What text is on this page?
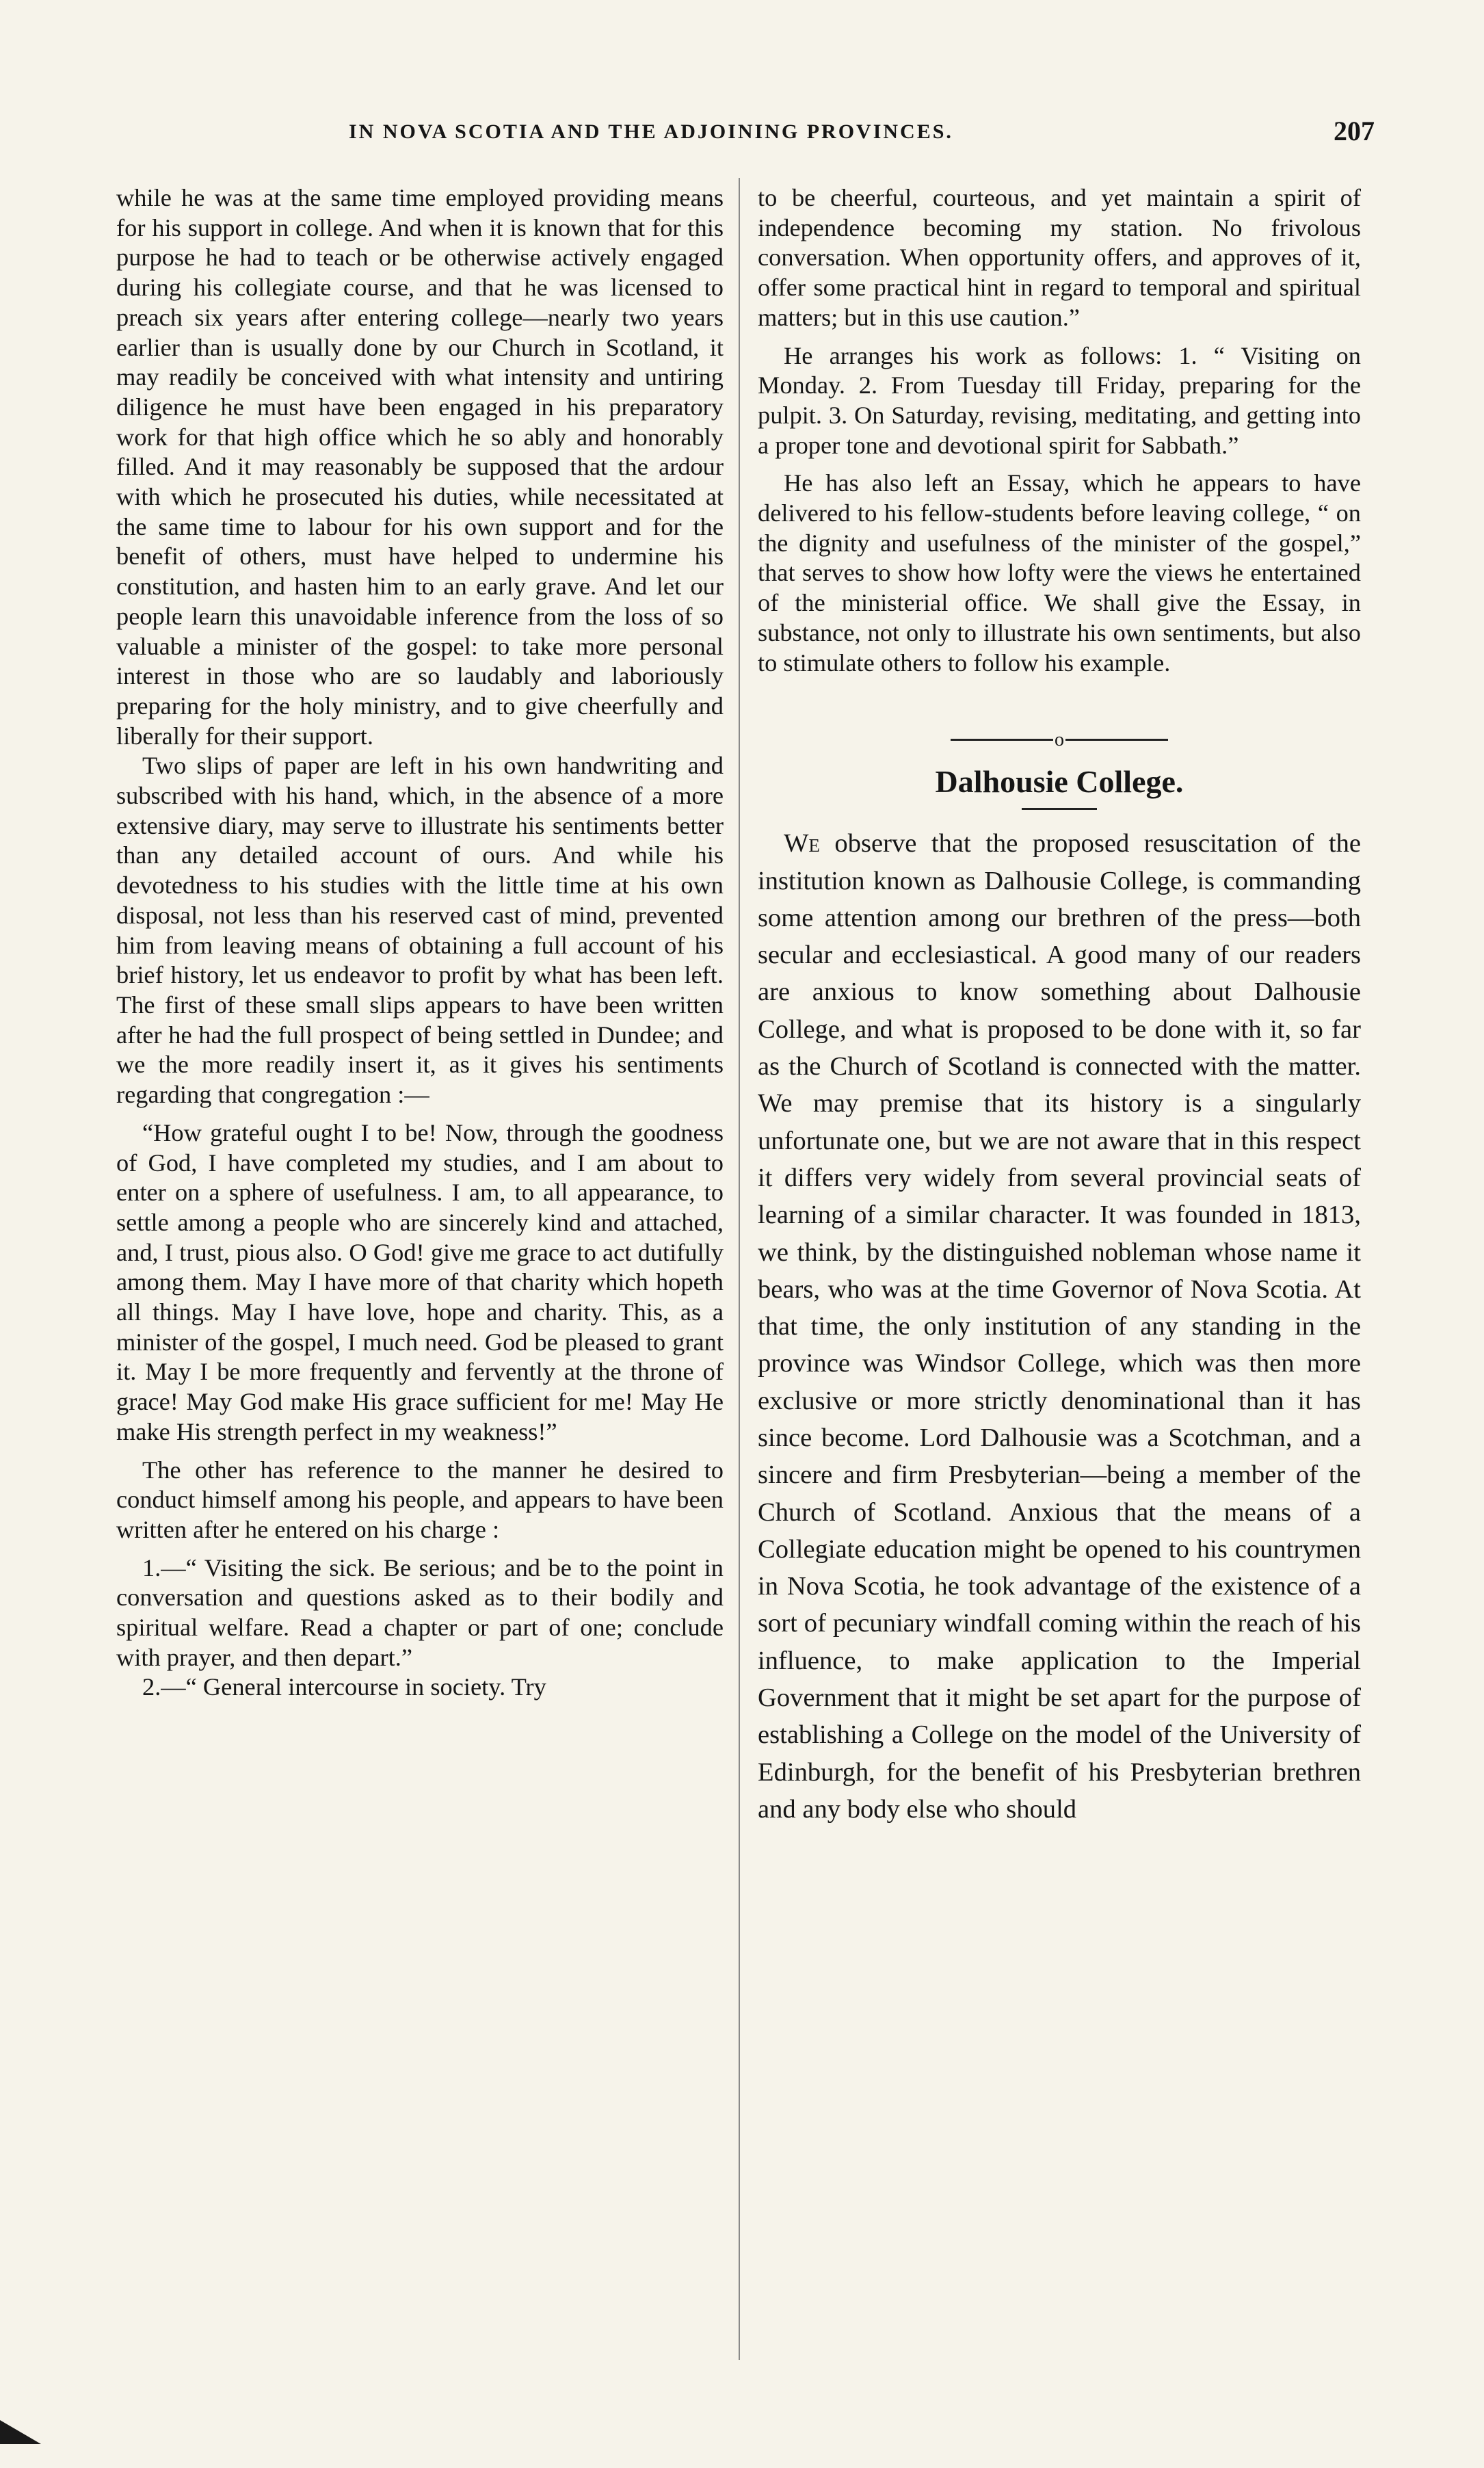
IN NOVA SCOTIA AND THE ADJOINING PROVINCES.	207

while he was at the same time employed providing means for his support in college. And when it is known that for this purpose he had to teach or be otherwise actively engaged during his collegiate course, and that he was licensed to preach six years after entering college—nearly two years earlier than is usually done by our Church in Scotland, it may readily be conceived with what intensity and untiring diligence he must have been engaged in his preparatory work for that high office which he so ably and honorably filled. And it may reasonably be supposed that the ardour with which he prosecuted his duties, while necessitated at the same time to labour for his own support and for the benefit of others, must have helped to undermine his constitution, and hasten him to an early grave. And let our people learn this unavoidable inference from the loss of so valuable a minister of the gospel: to take more personal interest in those who are so laudably and laboriously preparing for the holy ministry, and to give cheerfully and liberally for their support.

Two slips of paper are left in his own handwriting and subscribed with his hand, which, in the absence of a more extensive diary, may serve to illustrate his sentiments better than any detailed account of ours. And while his devotedness to his studies with the little time at his own disposal, not less than his reserved cast of mind, prevented him from leaving means of obtaining a full account of his brief history, let us endeavor to profit by what has been left. The first of these small slips appears to have been written after he had the full prospect of being settled in Dundee; and we the more readily insert it, as it gives his sentiments regarding that congregation :—

“How grateful ought I to be! Now, through the goodness of God, I have completed my studies, and I am about to enter on a sphere of usefulness. I am, to all appearance, to settle among a people who are sincerely kind and attached, and, I trust, pious also. O God! give me grace to act dutifully among them. May I have more of that charity which hopeth all things. May I have love, hope and charity. This, as a minister of the gospel, I much need. God be pleased to grant it. May I be more frequently and fervently at the throne of grace! May God make His grace sufficient for me! May He make His strength perfect in my weakness!”

The other has reference to the manner he desired to conduct himself among his people, and appears to have been written after he entered on his charge :

1.—“ Visiting the sick. Be serious; and be to the point in conversation and questions asked as to their bodily and spiritual welfare. Read a chapter or part of one; conclude with prayer, and then depart.”

2.—“ General intercourse in society. Try

to be cheerful, courteous, and yet maintain a spirit of independence becoming my station. No frivolous conversation. When opportunity offers, and approves of it, offer some practical hint in regard to temporal and spiritual matters; but in this use caution.”

He arranges his work as follows: 1. “ Visiting on Monday. 2. From Tuesday till Friday, preparing for the pulpit. 3. On Saturday, revising, meditating, and getting into a proper tone and devotional spirit for Sabbath.”

He has also left an Essay, which he appears to have delivered to his fellow-students before leaving college, “ on the dignity and usefulness of the minister of the gospel,” that serves to show how lofty were the views he entertained of the ministerial office. We shall give the Essay, in substance, not only to illustrate his own sentiments, but also to stimulate others to follow his example.

o
Dalhousie College.

We observe that the proposed resuscitation of the institution known as Dalhousie College, is commanding some attention among our brethren of the press—both secular and ecclesiastical. A good many of our readers are anxious to know something about Dalhousie College, and what is proposed to be done with it, so far as the Church of Scotland is connected with the matter. We may premise that its history is a singularly unfortunate one, but we are not aware that in this respect it differs very widely from several provincial seats of learning of a similar character. It was founded in 1813, we think, by the distinguished nobleman whose name it bears, who was at the time Governor of Nova Scotia. At that time, the only institution of any standing in the province was Windsor College, which was then more exclusive or more strictly denominational than it has since become. Lord Dalhousie was a Scotchman, and a sincere and firm Presbyterian—being a member of the Church of Scotland. Anxious that the means of a Collegiate education might be opened to his countrymen in Nova Scotia, he took advantage of the existence of a sort of pecuniary windfall coming within the reach of his influence, to make application to the Imperial Government that it might be set apart for the purpose of establishing a College on the model of the University of Edinburgh, for the benefit of his Presbyterian brethren and any body else who should
